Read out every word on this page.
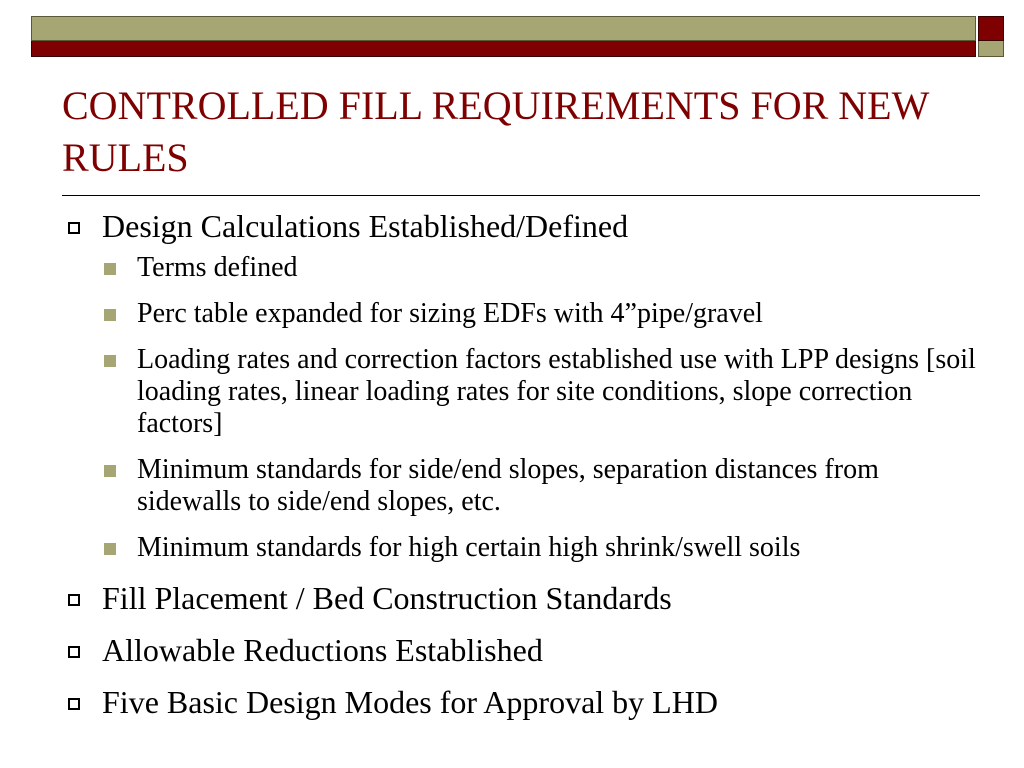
CONTROLLED FILL REQUIREMENTS FOR NEW RULES
Design Calculations Established/Defined
Terms defined
Perc table expanded for sizing EDFs with 4”pipe/gravel
Loading rates and correction factors established use with LPP designs [soil loading rates, linear loading rates for site conditions, slope correction factors]
Minimum standards for side/end slopes, separation distances from sidewalls to side/end slopes, etc.
Minimum standards for high certain high shrink/swell soils
Fill Placement / Bed Construction Standards
Allowable Reductions Established
Five Basic Design Modes for Approval by LHD
